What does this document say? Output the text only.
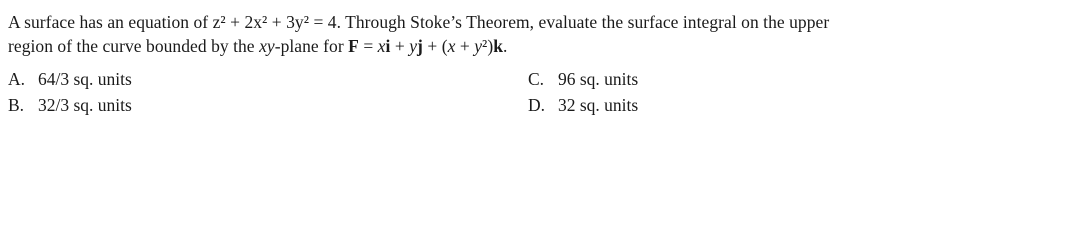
A surface has an equation of z² + 2x² + 3y² = 4. Through Stoke’s Theorem, evaluate the surface integral on the upper
region of the curve bounded by the xy-plane for F = xi + yj + (x + y²)k.
A. 64/3 sq. units
B. 32/3 sq. units
C. 96 sq. units
D. 32 sq. units
